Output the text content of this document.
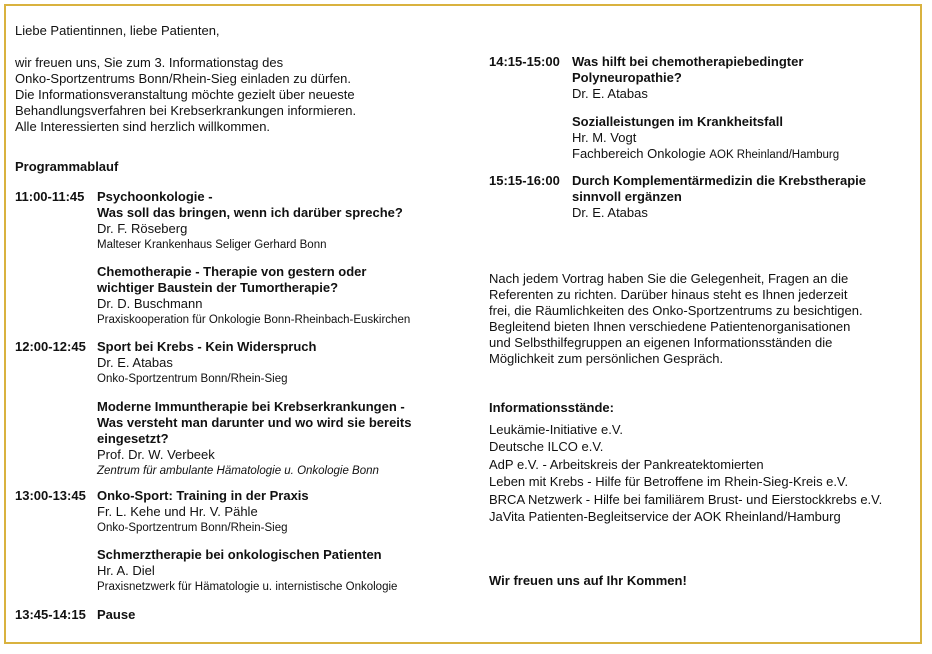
Liebe Patientinnen, liebe Patienten,
wir freuen uns, Sie zum 3. Informationstag des
Onko-Sportzentrums Bonn/Rhein-Sieg einladen zu dürfen.
Die Informationsveranstaltung möchte gezielt über neueste
Behandlungsverfahren bei Krebserkrankungen informieren.
Alle Interessierten sind herzlich willkommen.
Programmablauf
11:00-11:45 Psychoonkologie -
Was soll das bringen, wenn ich darüber spreche?
Dr. F. Röseberg
Malteser Krankenhaus Seliger Gerhard Bonn
Chemotherapie - Therapie von gestern oder
wichtiger Baustein der Tumortherapie?
Dr. D. Buschmann
Praxiskooperation für Onkologie Bonn-Rheinbach-Euskirchen
12:00-12:45 Sport bei Krebs - Kein Widerspruch
Dr. E. Atabas
Onko-Sportzentrum Bonn/Rhein-Sieg
Moderne Immuntherapie bei Krebserkrankungen -
Was versteht man darunter und wo wird sie bereits
eingesetzt?
Prof. Dr. W. Verbeek
Zentrum für ambulante Hämatologie u. Onkologie Bonn
13:00-13:45 Onko-Sport: Training in der Praxis
Fr. L. Kehe und Hr. V. Pähle
Onko-Sportzentrum Bonn/Rhein-Sieg
Schmerztherapie bei onkologischen Patienten
Hr. A. Diel
Praxisnetzwerk für Hämatologie u. internistische Onkologie
13:45-14:15 Pause
14:15-15:00 Was hilft bei chemotherapiebedingter
Polyneuropathie?
Dr. E. Atabas
Sozialleistungen im Krankheitsfall
Hr. M. Vogt
Fachbereich Onkologie AOK Rheinland/Hamburg
15:15-16:00 Durch Komplementärmedizin die Krebstherapie
sinnvoll ergänzen
Dr. E. Atabas
Nach jedem Vortrag haben Sie die Gelegenheit, Fragen an die
Referenten zu richten. Darüber hinaus steht es Ihnen jederzeit
frei, die Räumlichkeiten des Onko-Sportzentrums zu besichtigen.
Begleitend bieten Ihnen verschiedene Patientenorganisationen
und Selbsthilfegruppen an eigenen Informationsständen die
Möglichkeit zum persönlichen Gespräch.
Informationsstände:
Leukämie-Initiative e.V.
Deutsche ILCO e.V.
AdP e.V. - Arbeitskreis der Pankreatektomierten
Leben mit Krebs - Hilfe für Betroffene im Rhein-Sieg-Kreis e.V.
BRCA Netzwerk - Hilfe bei familiärem Brust- und Eierstockkrebs e.V.
JaVita Patienten-Begleitservice der AOK Rheinland/Hamburg
Wir freuen uns auf Ihr Kommen!
